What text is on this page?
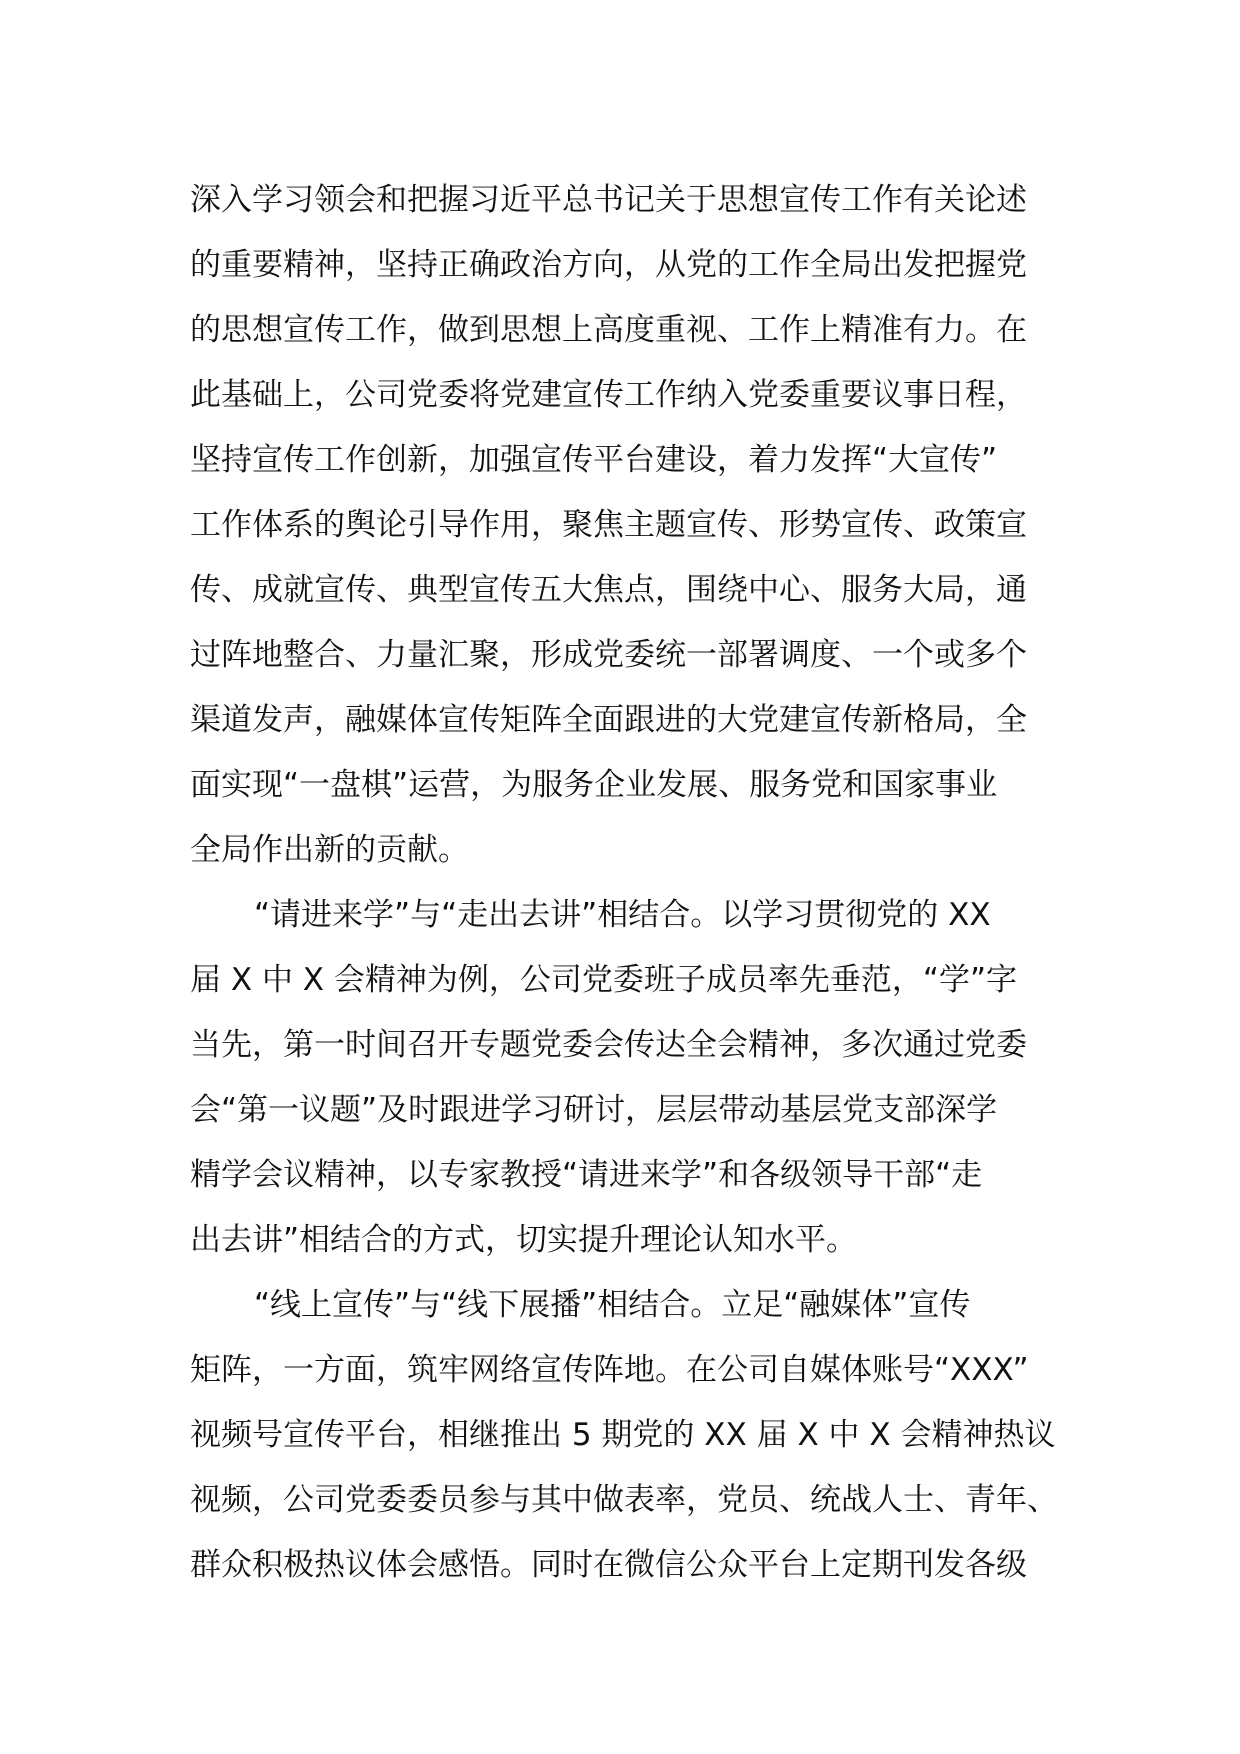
深入学习领会和把握习近平总书记关于思想宣传工作有关论述
的重要精神，坚持正确政治方向，从党的工作全局出发把握党
的思想宣传工作，做到思想上高度重视、工作上精准有力。在
此基础上，公司党委将党建宣传工作纳入党委重要议事日程，
坚持宣传工作创新，加强宣传平台建设，着力发挥“大宣传”
工作体系的舆论引导作用，聚焦主题宣传、形势宣传、政策宣
传、成就宣传、典型宣传五大焦点，围绕中心、服务大局，通
过阵地整合、力量汇聚，形成党委统一部署调度、一个或多个
渠道发声，融媒体宣传矩阵全面跟进的大党建宣传新格局，全
面实现“一盘棋”运营，为服务企业发展、服务党和国家事业
全局作出新的贡献。
“请进来学”与“走出去讲”相结合。以学习贯彻党的 XX
届 X 中 X 会精神为例，公司党委班子成员率先垂范，“学”字
当先，第一时间召开专题党委会传达全会精神，多次通过党委
会“第一议题”及时跟进学习研讨，层层带动基层党支部深学
精学会议精神，以专家教授“请进来学”和各级领导干部“走
出去讲”相结合的方式，切实提升理论认知水平。
“线上宣传”与“线下展播”相结合。立足“融媒体”宣传
矩阵，一方面，筑牢网络宣传阵地。在公司自媒体账号“XXX”
视频号宣传平台，相继推出 5 期党的 XX 届 X 中 X 会精神热议
视频，公司党委委员参与其中做表率，党员、统战人士、青年、
群众积极热议体会感悟。同时在微信公众平台上定期刊发各级
